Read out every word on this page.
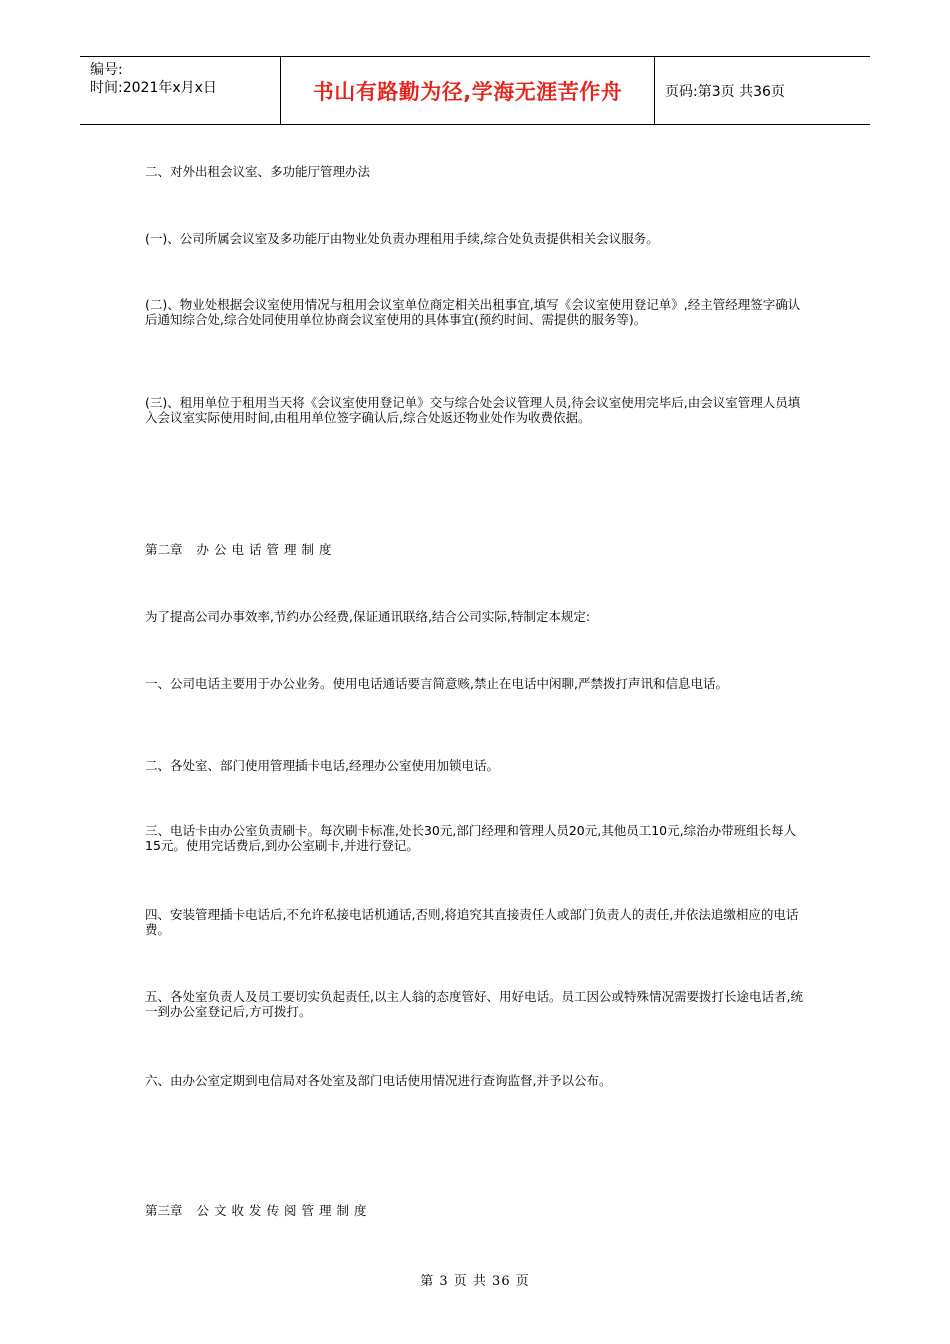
编号:
时间:2021年x月x日	书山有路勤为径,学海无涯苦作舟	页码:第3页 共36页

二、对外出租会议室、多功能厅管理办法

(一)、公司所属会议室及多功能厅由物业处负责办理租用手续,综合处负责提供相关会议服务。

(二)、物业处根据会议室使用情况与租用会议室单位商定相关出租事宜,填写《会议室使用登记单》,经主管经理签字确认后通知综合处,综合处同使用单位协商会议室使用的具体事宜(预约时间、需提供的服务等)。

(三)、租用单位于租用当天将《会议室使用登记单》交与综合处会议管理人员,待会议室使用完毕后,由会议室管理人员填入会议室实际使用时间,由租用单位签字确认后,综合处返还物业处作为收费依据。

第二章 办公电话管理制度

为了提高公司办事效率,节约办公经费,保证通讯联络,结合公司实际,特制定本规定:

一、公司电话主要用于办公业务。使用电话通话要言简意赅,禁止在电话中闲聊,严禁拨打声讯和信息电话。

二、各处室、部门使用管理插卡电话,经理办公室使用加锁电话。

三、电话卡由办公室负责刷卡。每次刷卡标准,处长30元,部门经理和管理人员20元,其他员工10元,综治办带班组长每人15元。使用完话费后,到办公室刷卡,并进行登记。

四、安装管理插卡电话后,不允许私接电话机通话,否则,将追究其直接责任人或部门负责人的责任,并依法追缴相应的电话费。

五、各处室负责人及员工要切实负起责任,以主人翁的态度管好、用好电话。员工因公或特殊情况需要拨打长途电话者,统一到办公室登记后,方可拨打。

六、由办公室定期到电信局对各处室及部门电话使用情况进行查询监督,并予以公布。

第三章 公文收发传阅管理制度

第 3 页 共 36 页
